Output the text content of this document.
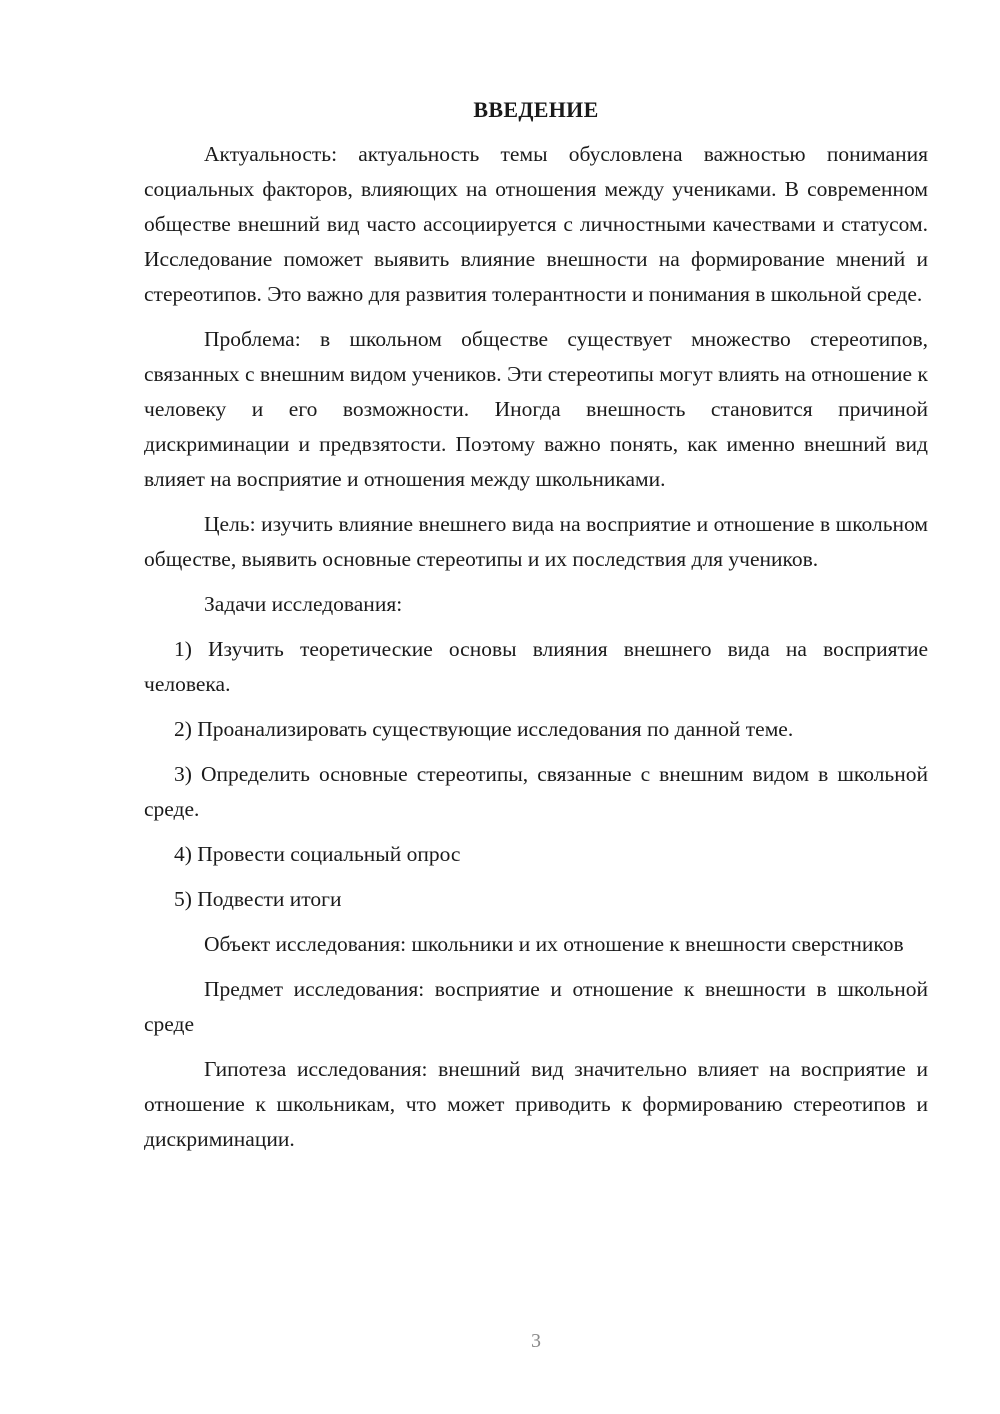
ВВЕДЕНИЕ

Актуальность: актуальность темы обусловлена важностью понимания социальных факторов, влияющих на отношения между учениками. В современном обществе внешний вид часто ассоциируется с личностными качествами и статусом. Исследование поможет выявить влияние внешности на формирование мнений и стереотипов. Это важно для развития толерантности и понимания в школьной среде.

Проблема: в школьном обществе существует множество стереотипов, связанных с внешним видом учеников. Эти стереотипы могут влиять на отношение к человеку и его возможности. Иногда внешность становится причиной дискриминации и предвзятости. Поэтому важно понять, как именно внешний вид влияет на восприятие и отношения между школьниками.

Цель: изучить влияние внешнего вида на восприятие и отношение в школьном обществе, выявить основные стереотипы и их последствия для учеников.

Задачи исследования:

1) Изучить теоретические основы влияния внешнего вида на восприятие человека.

2) Проанализировать существующие исследования по данной теме.

3) Определить основные стереотипы, связанные с внешним видом в школьной среде.

4) Провести социальный опрос

5) Подвести итоги

Объект исследования: школьники и их отношение к внешности сверстников

Предмет исследования: восприятие и отношение к внешности в школьной среде

Гипотеза исследования: внешний вид значительно влияет на восприятие и отношение к школьникам, что может приводить к формированию стереотипов и дискриминации.

3
